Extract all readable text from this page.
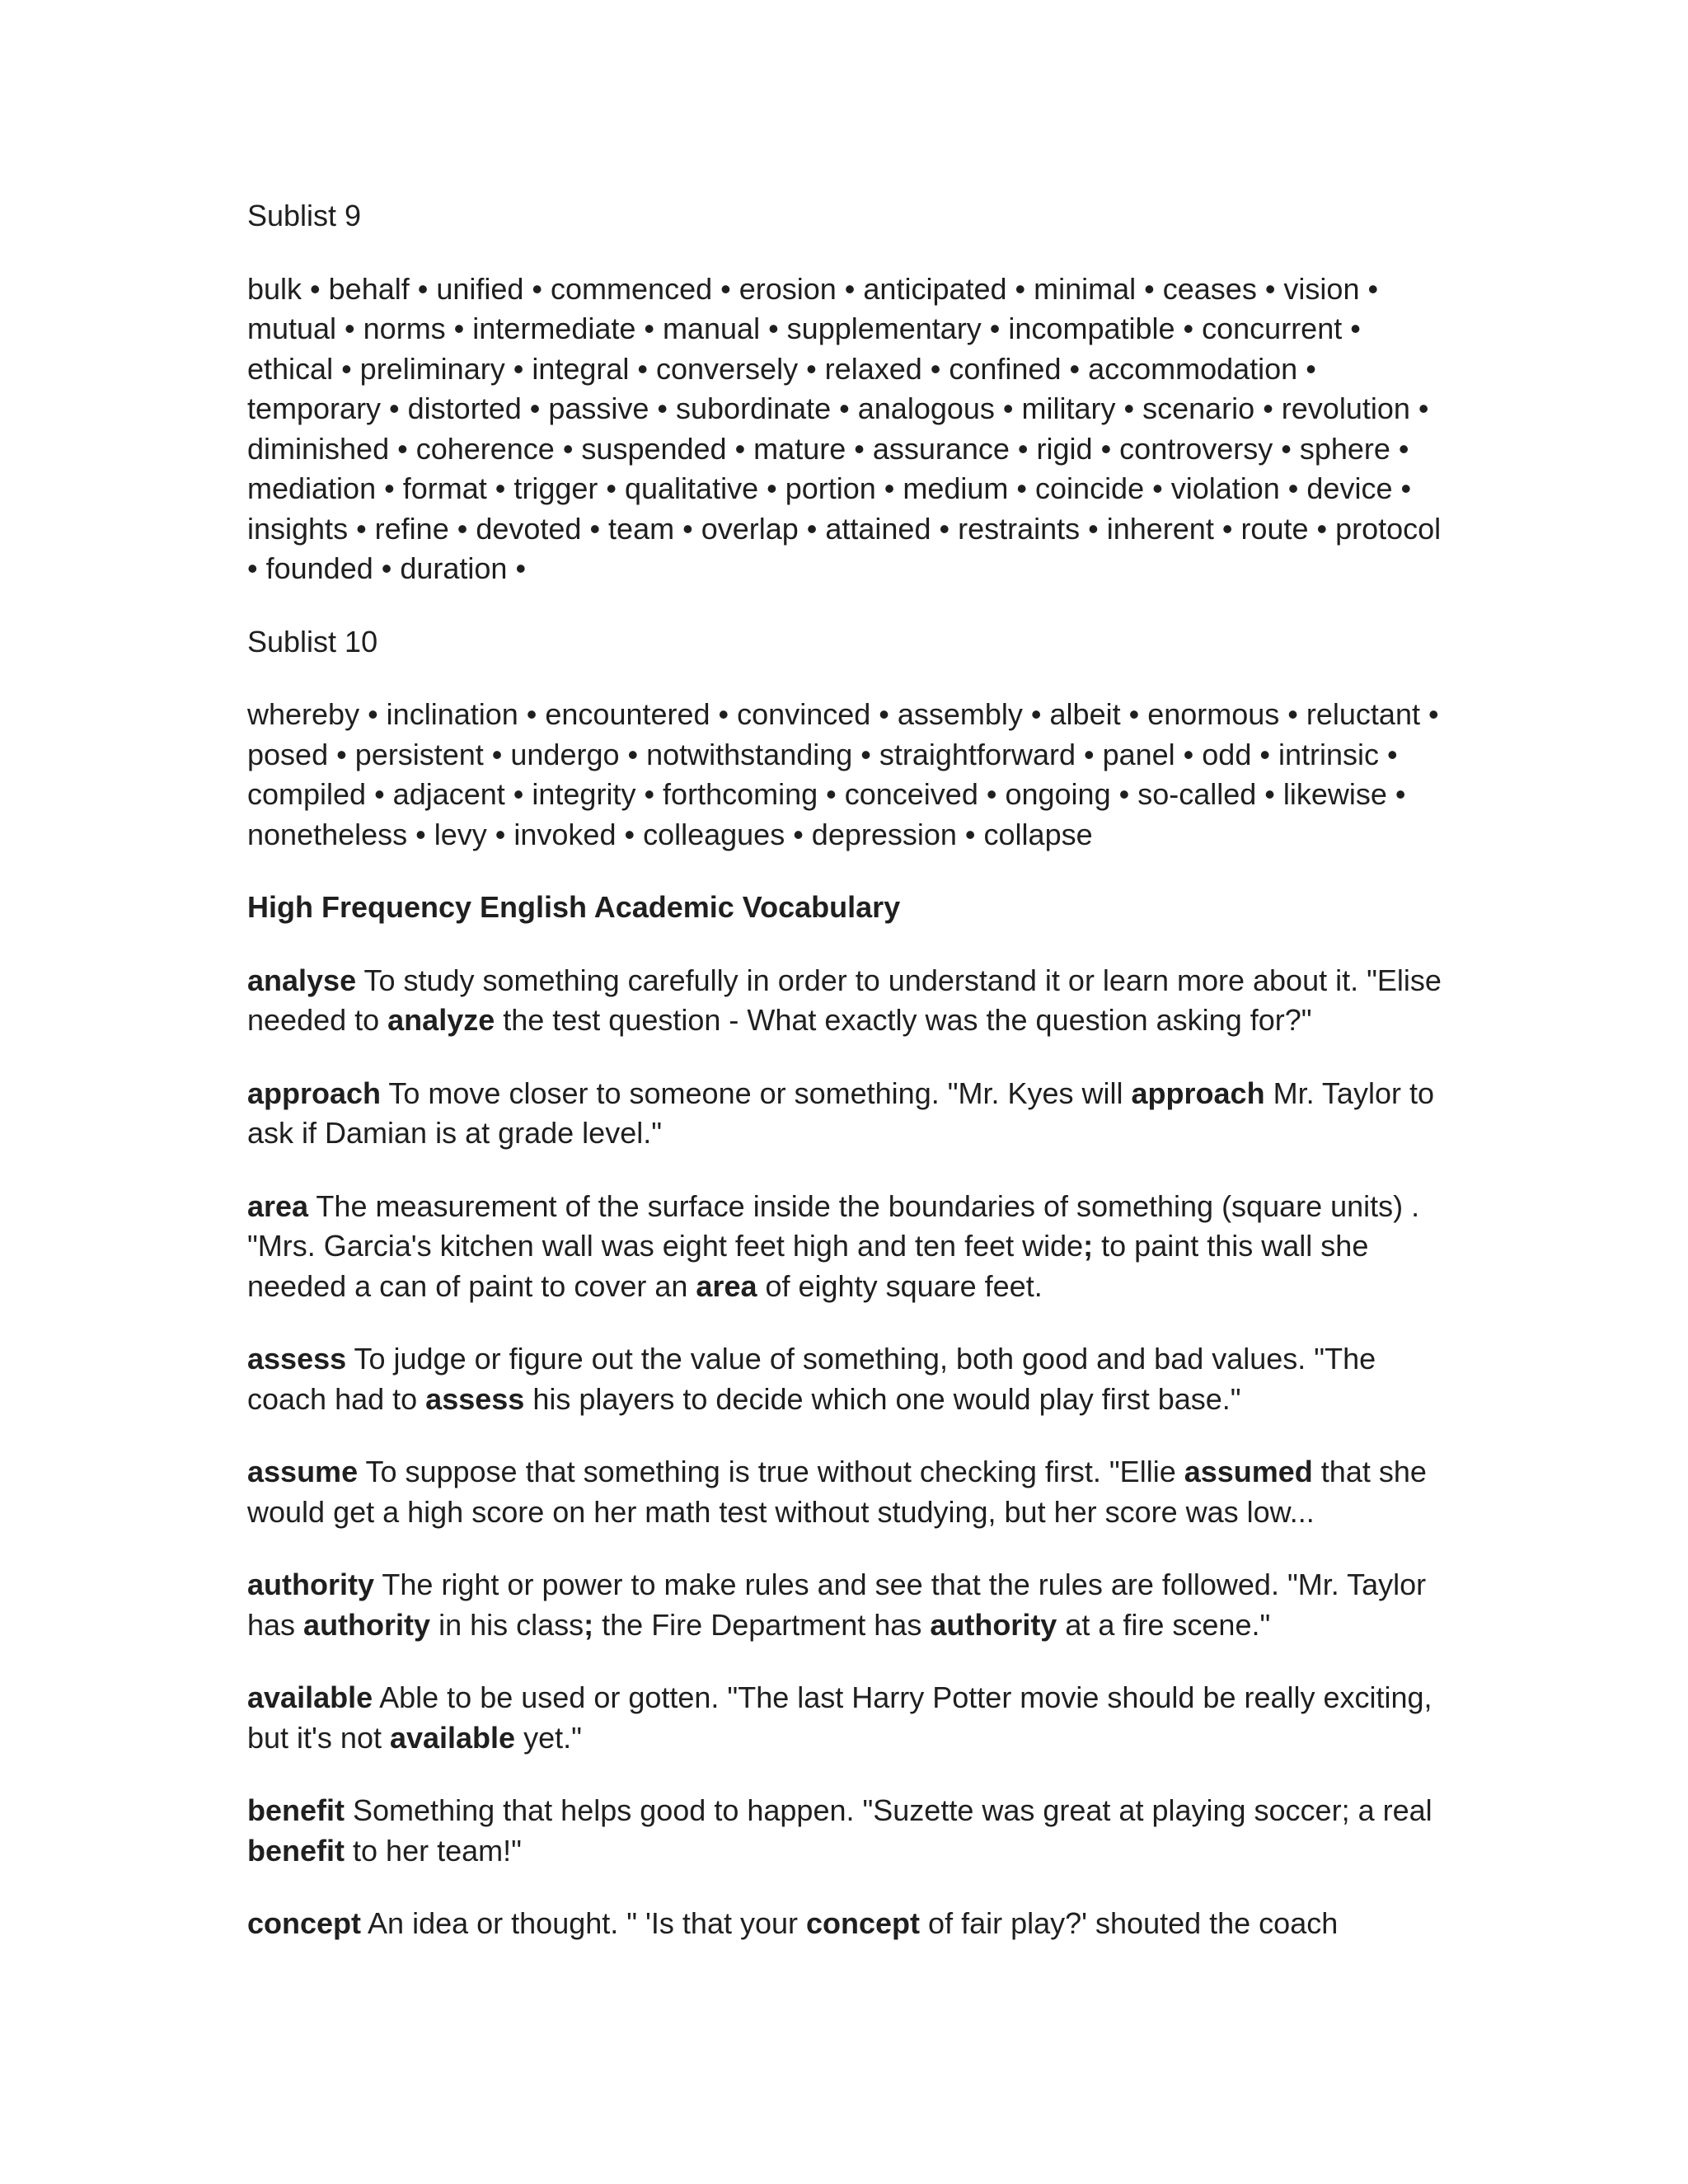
Sublist 9

bulk • behalf • unified • commenced • erosion • anticipated • minimal • ceases • vision • mutual • norms • intermediate • manual • supplementary • incompatible • concurrent • ethical • preliminary • integral • conversely • relaxed • confined • accommodation • temporary • distorted • passive • subordinate • analogous • military • scenario • revolution • diminished • coherence • suspended • mature • assurance • rigid • controversy • sphere • mediation • format • trigger • qualitative • portion • medium • coincide • violation • device • insights • refine • devoted • team • overlap • attained • restraints • inherent • route • protocol • founded • duration •

Sublist 10

whereby • inclination • encountered • convinced • assembly • albeit • enormous • reluctant • posed • persistent • undergo • notwithstanding • straightforward • panel • odd • intrinsic • compiled • adjacent • integrity • forthcoming • conceived • ongoing • so-called • likewise • nonetheless • levy • invoked • colleagues • depression • collapse

High Frequency English Academic Vocabulary

analyse To study something carefully in order to understand it or learn more about it. "Elise needed to analyze the test question - What exactly was the question asking for?"

approach To move closer to someone or something. "Mr. Kyes will approach Mr. Taylor to ask if Damian is at grade level."

area The measurement of the surface inside the boundaries of something (square units) . "Mrs. Garcia's kitchen wall was eight feet high and ten feet wide; to paint this wall she needed a can of paint to cover an area of eighty square feet.

assess To judge or figure out the value of something, both good and bad values. "The coach had to assess his players to decide which one would play first base."

assume To suppose that something is true without checking first. "Ellie assumed that she would get a high score on her math test without studying, but her score was low...

authority The right or power to make rules and see that the rules are followed. "Mr. Taylor has authority in his class; the Fire Department has authority at a fire scene."

available Able to be used or gotten. "The last Harry Potter movie should be really exciting, but it's not available yet."

benefit Something that helps good to happen. "Suzette was great at playing soccer; a real benefit to her team!"

concept An idea or thought. " 'Is that your concept of fair play?' shouted the coach
